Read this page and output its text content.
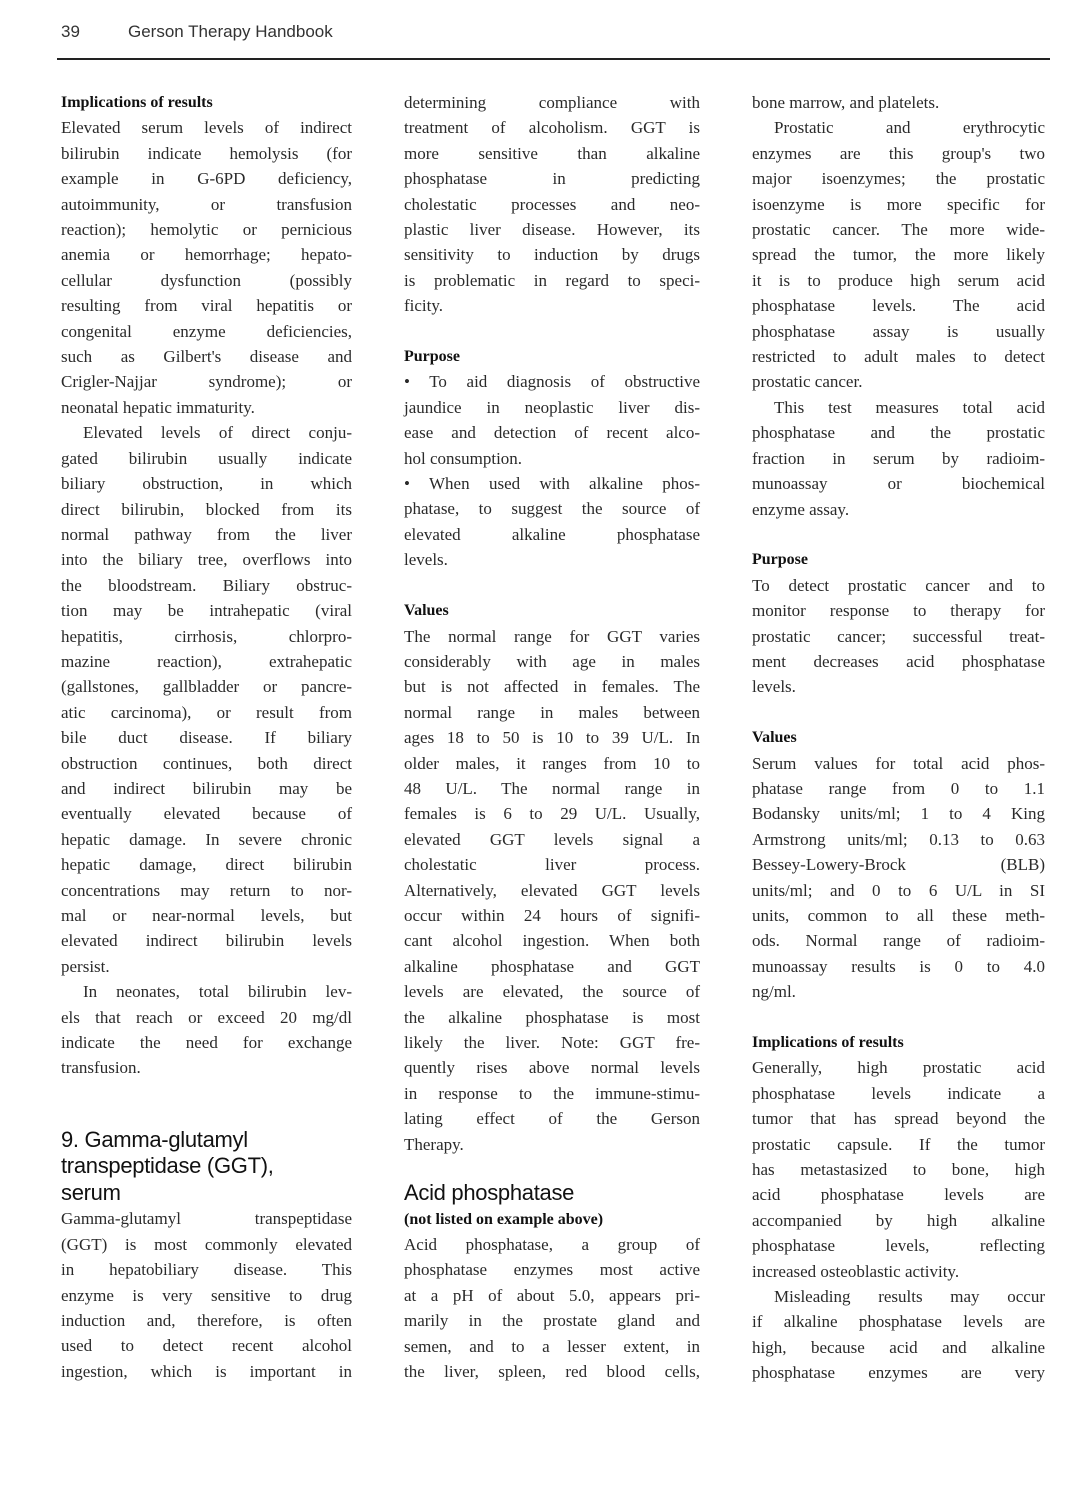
39	Gerson Therapy Handbook
Implications of results
Elevated serum levels of indirect
bilirubin indicate hemolysis (for
example in G-6PD deficiency,
autoimmunity, or transfusion
reaction); hemolytic or pernicious
anemia or hemorrhage; hepato-
cellular dysfunction (possibly
resulting from viral hepatitis or
congenital enzyme deficiencies,
such as Gilbert's disease and
Crigler-Najjar syndrome); or
neonatal hepatic immaturity.
Elevated levels of direct conju-
gated bilirubin usually indicate
biliary obstruction, in which
direct bilirubin, blocked from its
normal pathway from the liver
into the biliary tree, overflows into
the bloodstream. Biliary obstruc-
tion may be intrahepatic (viral
hepatitis, cirrhosis, chlorpro-
mazine reaction), extrahepatic
(gallstones, gallbladder or pancre-
atic carcinoma), or result from
bile duct disease. If biliary
obstruction continues, both direct
and indirect bilirubin may be
eventually elevated because of
hepatic damage. In severe chronic
hepatic damage, direct bilirubin
concentrations may return to nor-
mal or near-normal levels, but
elevated indirect bilirubin levels
persist.
In neonates, total bilirubin lev-
els that reach or exceed 20 mg/dl
indicate the need for exchange
transfusion.
9. Gamma-glutamyl
transpeptidase (GGT),
serum
Gamma-glutamyl transpeptidase
(GGT) is most commonly elevated
in hepatobiliary disease. This
enzyme is very sensitive to drug
induction and, therefore, is often
used to detect recent alcohol
ingestion, which is important in
determining compliance with
treatment of alcoholism. GGT is
more sensitive than alkaline
phosphatase in predicting
cholestatic processes and neo-
plastic liver disease. However, its
sensitivity to induction by drugs
is problematic in regard to speci-
ficity.
Purpose
• To aid diagnosis of obstructive
jaundice in neoplastic liver dis-
ease and detection of recent alco-
hol consumption.
• When used with alkaline phos-
phatase, to suggest the source of
elevated alkaline phosphatase
levels.
Values
The normal range for GGT varies
considerably with age in males
but is not affected in females. The
normal range in males between
ages 18 to 50 is 10 to 39 U/L. In
older males, it ranges from 10 to
48 U/L. The normal range in
females is 6 to 29 U/L. Usually,
elevated GGT levels signal a
cholestatic liver process.
Alternatively, elevated GGT levels
occur within 24 hours of signifi-
cant alcohol ingestion. When both
alkaline phosphatase and GGT
levels are elevated, the source of
the alkaline phosphatase is most
likely the liver. Note: GGT fre-
quently rises above normal levels
in response to the immune-stimu-
lating effect of the Gerson
Therapy.
Acid phosphatase
(not listed on example above)
Acid phosphatase, a group of
phosphatase enzymes most active
at a pH of about 5.0, appears pri-
marily in the prostate gland and
semen, and to a lesser extent, in
the liver, spleen, red blood cells,
bone marrow, and platelets.
Prostatic and erythrocytic
enzymes are this group's two
major isoenzymes; the prostatic
isoenzyme is more specific for
prostatic cancer. The more wide-
spread the tumor, the more likely
it is to produce high serum acid
phosphatase levels. The acid
phosphatase assay is usually
restricted to adult males to detect
prostatic cancer.
This test measures total acid
phosphatase and the prostatic
fraction in serum by radioim-
munoassay or biochemical
enzyme assay.
Purpose
To detect prostatic cancer and to
monitor response to therapy for
prostatic cancer; successful treat-
ment decreases acid phosphatase
levels.
Values
Serum values for total acid phos-
phatase range from 0 to 1.1
Bodansky units/ml; 1 to 4 King
Armstrong units/ml; 0.13 to 0.63
Bessey-Lowery-Brock (BLB)
units/ml; and 0 to 6 U/L in SI
units, common to all these meth-
ods. Normal range of radioim-
munoassay results is 0 to 4.0
ng/ml.
Implications of results
Generally, high prostatic acid
phosphatase levels indicate a
tumor that has spread beyond the
prostatic capsule. If the tumor
has metastasized to bone, high
acid phosphatase levels are
accompanied by high alkaline
phosphatase levels, reflecting
increased osteoblastic activity.
Misleading results may occur
if alkaline phosphatase levels are
high, because acid and alkaline
phosphatase enzymes are very
